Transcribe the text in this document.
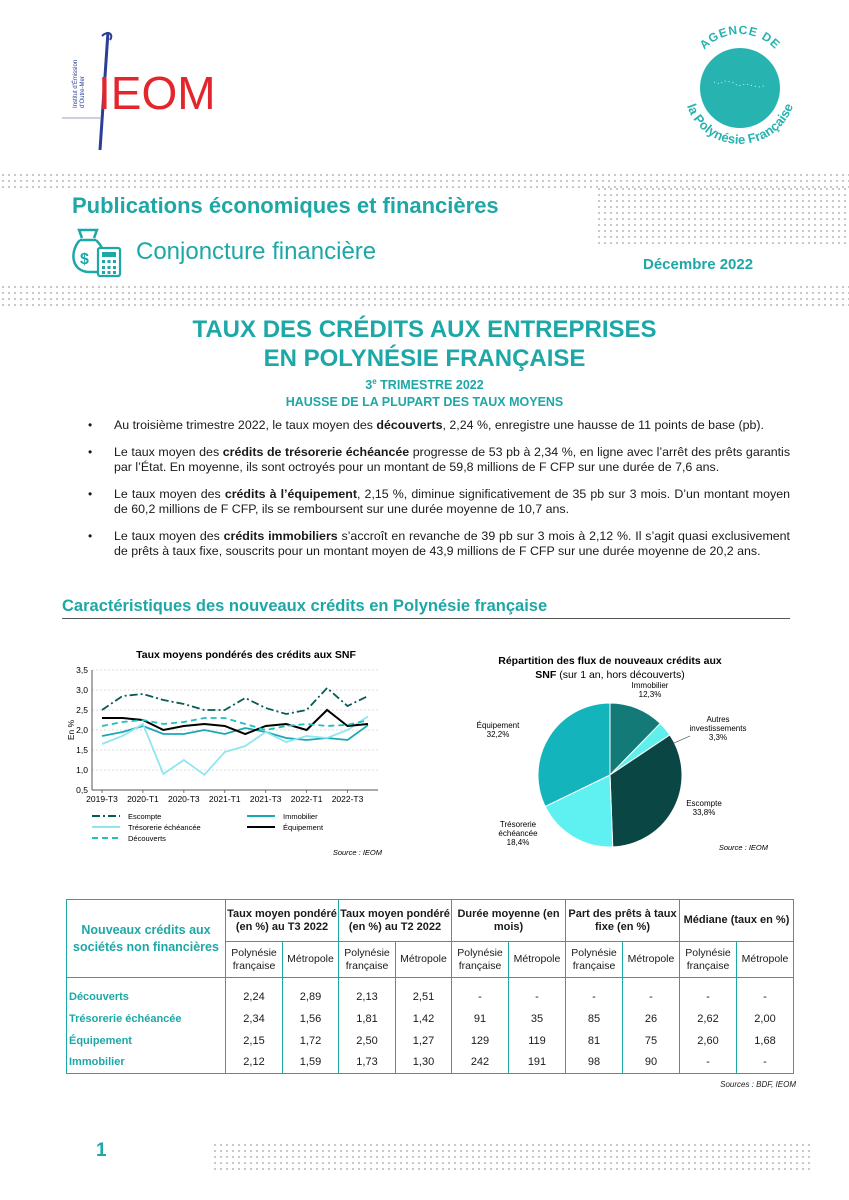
Institut d'Émission d'Outre-Mer IEOM
AGENCE DE
la Polynésie Française
Publications économiques et financières
$ Conjoncture financière	Décembre 2022
TAUX DES CRÉDITS AUX ENTREPRISES
EN POLYNÉSIE FRANÇAISE
3e TRIMESTRE 2022
HAUSSE DE LA PLUPART DES TAUX MOYENS
• Au troisième trimestre 2022, le taux moyen des découverts, 2,24 %, enregistre une hausse de 11 points de base (pb).
• Le taux moyen des crédits de trésorerie échéancée progresse de 53 pb à 2,34 %, en ligne avec l’arrêt des prêts garantis par l’État. En moyenne, ils sont octroyés pour un montant de 59,8 millions de F CFP sur une durée de 7,6 ans.
• Le taux moyen des crédits à l’équipement, 2,15 %, diminue significativement de 35 pb sur 3 mois. D’un montant moyen de 60,2 millions de F CFP, ils se remboursent sur une durée moyenne de 10,7 ans.
• Le taux moyen des crédits immobiliers s’accroît en revanche de 39 pb sur 3 mois à 2,12 %. Il s’agit quasi exclusivement de prêts à taux fixe, souscrits pour un montant moyen de 43,9 millions de F CFP sur une durée moyenne de 20,2 ans.
Caractéristiques des nouveaux crédits en Polynésie française
Taux moyens pondérés des crédits aux SNF
0,5
1,0
1,5
2,0
2,5
3,0
3,5
2019-T3 2020-T1 2020-T3 2021-T1 2021-T3 2022-T1 2022-T3
En %
Escompte	Immobilier
Trésorerie échéancée	Équipement
Découverts
Source : IEOM
Répartition des flux de nouveaux crédits aux
SNF (sur 1 an, hors découverts)
Immobilier
12,3%
Autres
investissements
3,3%
Escompte
33,8%
Trésorerie
échéancée
18,4%
Équipement
32,2%
Source : IEOM
Nouveaux crédits aux sociétés non financières	Taux moyen pondéré (en %) au T3 2022		Taux moyen pondéré (en %) au T2 2022		Durée moyenne (en mois)		Part des prêts à taux fixe (en %)		Médiane (taux en %)	
	Polynésie française	Métropole	Polynésie française	Métropole	Polynésie française	Métropole	Polynésie française	Métropole	Polynésie française	Métropole
Découverts	2,24	2,89	2,13	2,51	-	-	-	-	-	-
Trésorerie échéancée	2,34	1,56	1,81	1,42	91	35	85	26	2,62	2,00
Équipement	2,15	1,72	2,50	1,27	129	119	81	75	2,60	1,68
Immobilier	2,12	1,59	1,73	1,30	242	191	98	90	-	-
Sources : BDF, IEOM
1
